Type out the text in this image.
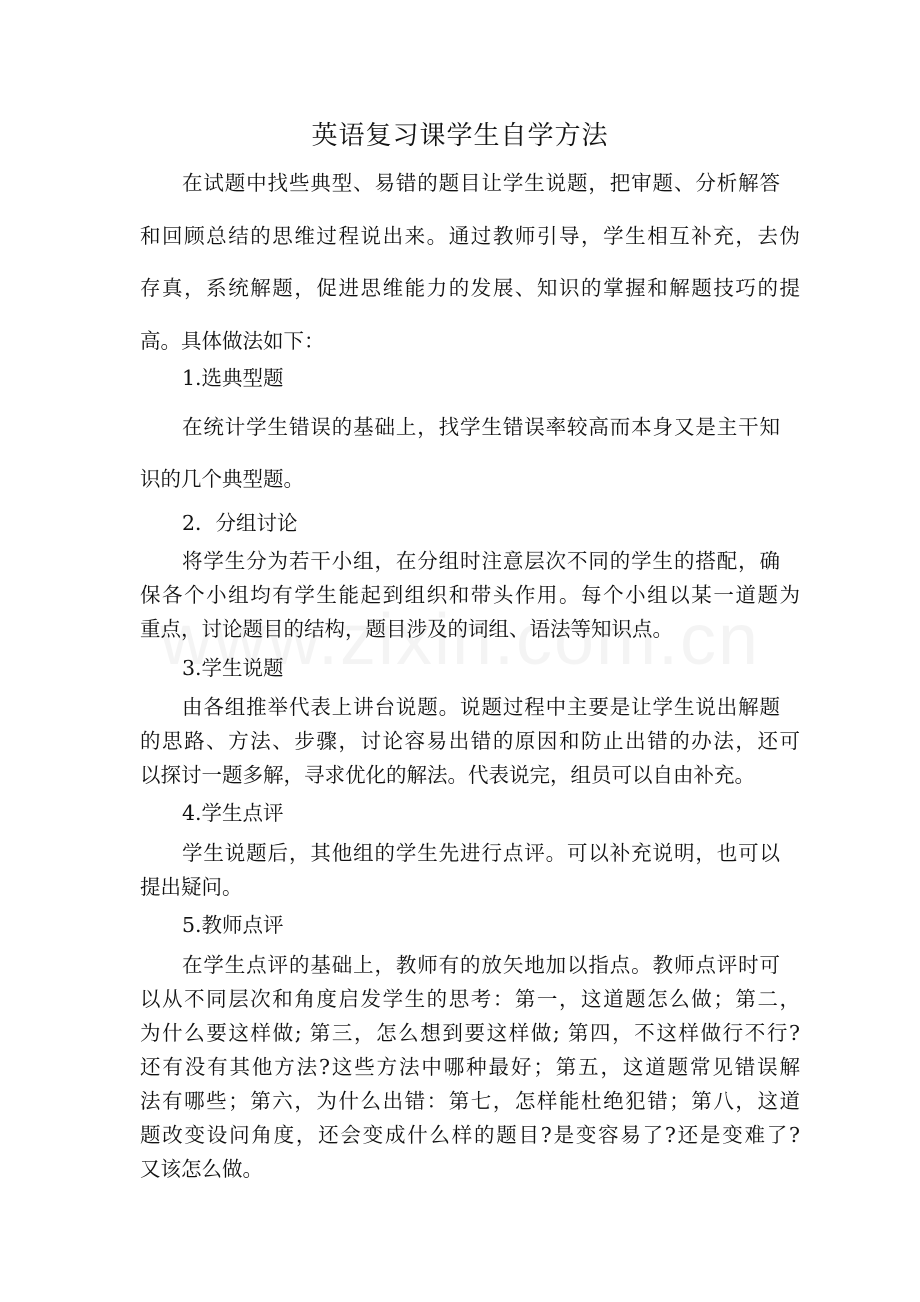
英语复习课学生自学方法
在试题中找些典型、易错的题目让学生说题，把审题、分析解答
和回顾总结的思维过程说出来。通过教师引导，学生相互补充，去伪
存真，系统解题，促进思维能力的发展、知识的掌握和解题技巧的提
高。具体做法如下：
1.选典型题
在统计学生错误的基础上，找学生错误率较高而本身又是主干知
识的几个典型题。
2．分组讨论
将学生分为若干小组，在分组时注意层次不同的学生的搭配，确
保各个小组均有学生能起到组织和带头作用。每个小组以某一道题为
重点，讨论题目的结构，题目涉及的词组、语法等知识点。
3.学生说题
由各组推举代表上讲台说题。说题过程中主要是让学生说出解题
的思路、方法、步骤，讨论容易出错的原因和防止出错的办法，还可
以探讨一题多解，寻求优化的解法。代表说完，组员可以自由补充。
4.学生点评
学生说题后，其他组的学生先进行点评。可以补充说明，也可以
提出疑问。
5.教师点评
在学生点评的基础上，教师有的放矢地加以指点。教师点评时可
以从不同层次和角度启发学生的思考：第一，这道题怎么做；第二，
为什么要这样做; 第三，怎么想到要这样做; 第四，不这样做行不行?
还有没有其他方法?这些方法中哪种最好；第五，这道题常见错误解
法有哪些；第六，为什么出错：第七，怎样能杜绝犯错；第八，这道
题改变设问角度，还会变成什么样的题目?是变容易了?还是变难了?
又该怎么做。
